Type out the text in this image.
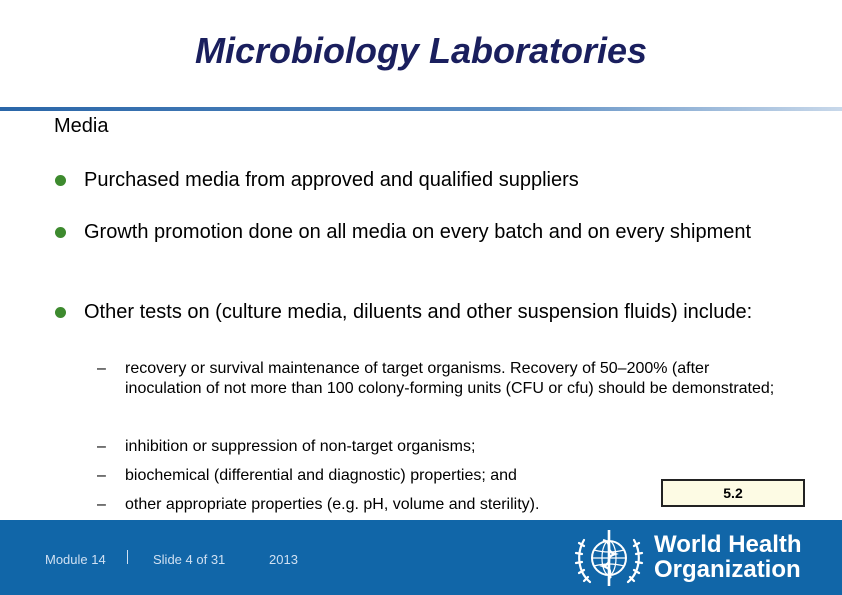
Microbiology Laboratories
Media
Purchased media from approved and qualified suppliers
Growth promotion done on all media on every batch and on every shipment
Other tests on (culture media, diluents and other suspension fluids) include:
– recovery or survival maintenance of target organisms. Recovery of 50–200% (after inoculation of not more than 100 colony-forming units (CFU or cfu) should be demonstrated;
– inhibition or suppression of non-target organisms;
– biochemical (differential and diagnostic) properties; and
– other appropriate properties (e.g. pH, volume and sterility).
5.2
Module 14	Slide 4 of 31	2013
World Health
Organization
